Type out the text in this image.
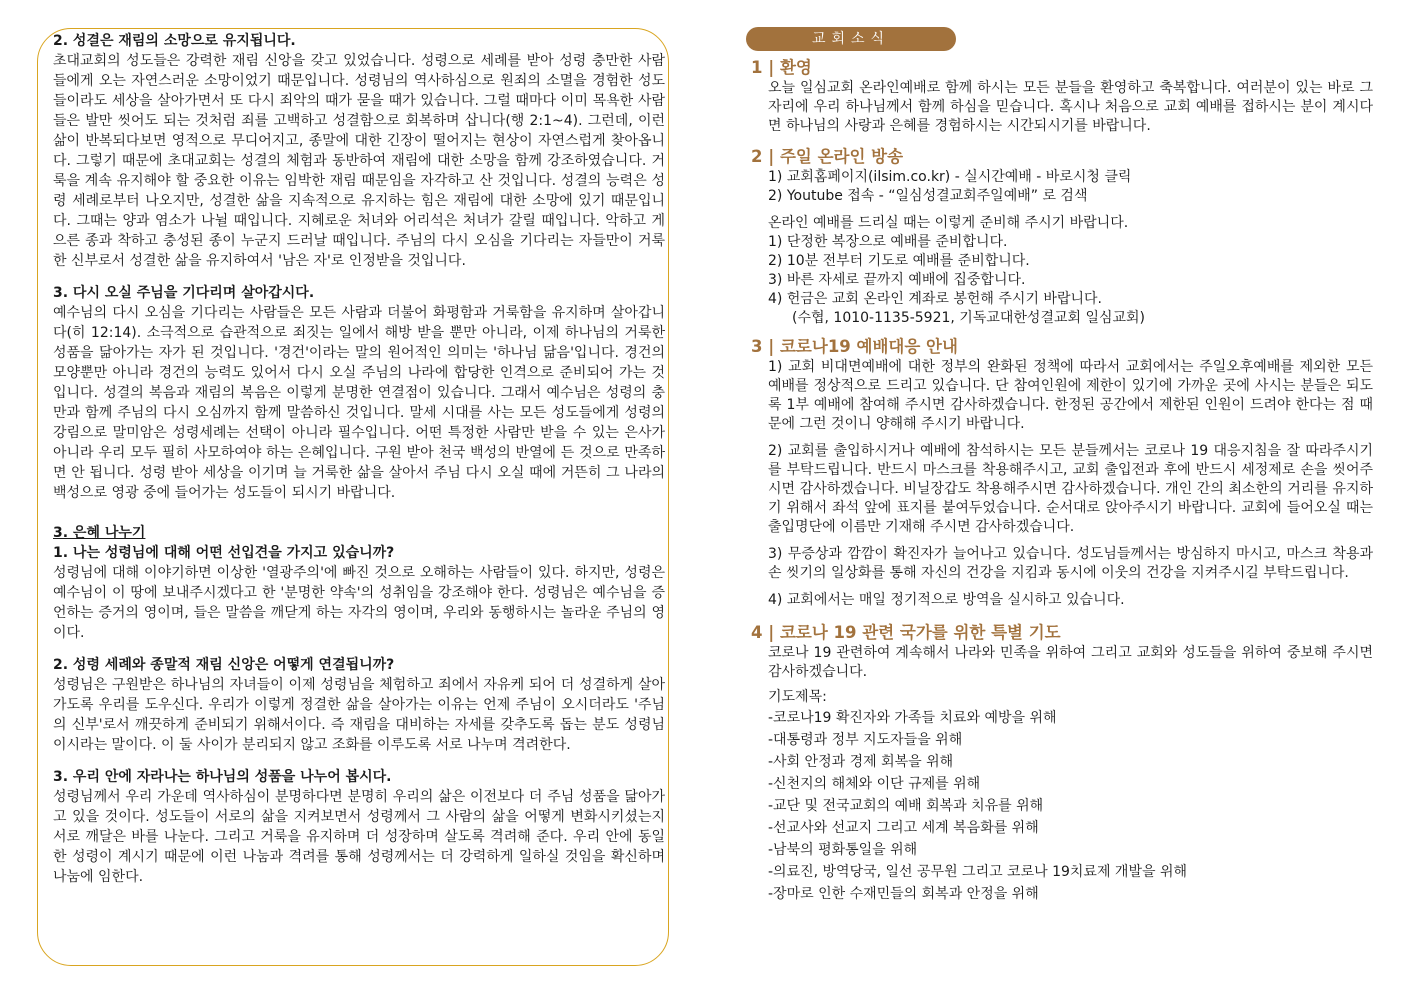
2. 성결은 재림의 소망으로 유지됩니다.

초대교회의 성도들은 강력한 재림 신앙을 갖고 있었습니다. 성령으로 세례를 받아 성령 충만한 사람들에게 오는 자연스러운 소망이었기 때문입니다. 성령님의 역사하심으로 원죄의 소멸을 경험한 성도들이라도 세상을 살아가면서 또 다시 죄악의 때가 묻을 때가 있습니다. 그럴 때마다 이미 목욕한 사람들은 발만 씻어도 되는 것처럼 죄를 고백하고 성결함으로 회복하며 삽니다(행 2:1~4). 그런데, 이런 삶이 반복되다보면 영적으로 무디어지고, 종말에 대한 긴장이 떨어지는 현상이 자연스럽게 찾아옵니다. 그렇기 때문에 초대교회는 성결의 체험과 동반하여 재림에 대한 소망을 함께 강조하였습니다. 거룩을 계속 유지해야 할 중요한 이유는 임박한 재림 때문임을 자각하고 산 것입니다. 성결의 능력은 성령 세례로부터 나오지만, 성결한 삶을 지속적으로 유지하는 힘은 재림에 대한 소망에 있기 때문입니다. 그때는 양과 염소가 나뉠 때입니다. 지혜로운 처녀와 어리석은 처녀가 갈릴 때입니다. 악하고 게으른 종과 착하고 충성된 종이 누군지 드러날 때입니다. 주님의 다시 오심을 기다리는 자들만이 거룩한 신부로서 성결한 삶을 유지하여서 '남은 자'로 인정받을 것입니다.

3. 다시 오실 주님을 기다리며 살아갑시다.

예수님의 다시 오심을 기다리는 사람들은 모든 사람과 더불어 화평함과 거룩함을 유지하며 살아갑니다(히 12:14). 소극적으로 습관적으로 죄짓는 일에서 해방 받을 뿐만 아니라, 이제 하나님의 거룩한 성품을 닮아가는 자가 된 것입니다. '경건'이라는 말의 원어적인 의미는 '하나님 닮음'입니다. 경건의 모양뿐만 아니라 경건의 능력도 있어서 다시 오실 주님의 나라에 합당한 인격으로 준비되어 가는 것입니다. 성결의 복음과 재림의 복음은 이렇게 분명한 연결점이 있습니다. 그래서 예수님은 성령의 충만과 함께 주님의 다시 오심까지 함께 말씀하신 것입니다. 말세 시대를 사는 모든 성도들에게 성령의 강림으로 말미암은 성령세례는 선택이 아니라 필수입니다. 어떤 특정한 사람만 받을 수 있는 은사가 아니라 우리 모두 필히 사모하여야 하는 은혜입니다. 구원 받아 천국 백성의 반열에 든 것으로 만족하면 안 됩니다. 성령 받아 세상을 이기며 늘 거룩한 삶을 살아서 주님 다시 오실 때에 거뜬히 그 나라의 백성으로 영광 중에 들어가는 성도들이 되시기 바랍니다.

3. 은혜 나누기

1. 나는 성령님에 대해 어떤 선입견을 가지고 있습니까?

성령님에 대해 이야기하면 이상한 '열광주의'에 빠진 것으로 오해하는 사람들이 있다. 하지만, 성령은 예수님이 이 땅에 보내주시겠다고 한 '분명한 약속'의 성취임을 강조해야 한다. 성령님은 예수님을 증언하는 증거의 영이며, 들은 말씀을 깨닫게 하는 자각의 영이며, 우리와 동행하시는 놀라운 주님의 영이다.

2. 성령 세례와 종말적 재림 신앙은 어떻게 연결됩니까?

성령님은 구원받은 하나님의 자녀들이 이제 성령님을 체험하고 죄에서 자유케 되어 더 성결하게 살아가도록 우리를 도우신다. 우리가 이렇게 정결한 삶을 살아가는 이유는 언제 주님이 오시더라도 '주님의 신부'로서 깨끗하게 준비되기 위해서이다. 즉 재림을 대비하는 자세를 갖추도록 돕는 분도 성령님이시라는 말이다. 이 둘 사이가 분리되지 않고 조화를 이루도록 서로 나누며 격려한다.

3. 우리 안에 자라나는 하나님의 성품을 나누어 봅시다.

성령님께서 우리 가운데 역사하심이 분명하다면 분명히 우리의 삶은 이전보다 더 주님 성품을 닮아가고 있을 것이다. 성도들이 서로의 삶을 지켜보면서 성령께서 그 사람의 삶을 어떻게 변화시키셨는지 서로 깨달은 바를 나눈다. 그리고 거룩을 유지하며 더 성장하며 살도록 격려해 준다. 우리 안에 동일한 성령이 계시기 때문에 이런 나눔과 격려를 통해 성령께서는 더 강력하게 일하실 것임을 확신하며 나눔에 임한다.

교회소식

1 | 환영

오늘 일심교회 온라인예배로 함께 하시는 모든 분들을 환영하고 축복합니다. 여러분이 있는 바로 그 자리에 우리 하나님께서 함께 하심을 믿습니다. 혹시나 처음으로 교회 예배를 접하시는 분이 계시다면 하나님의 사랑과 은혜를 경험하시는 시간되시기를 바랍니다.

2 | 주일 온라인 방송

1) 교회홈페이지(ilsim.co.kr) - 실시간예배 - 바로시청 클릭

2) Youtube 접속 - “일심성결교회주일예배” 로 검색

온라인 예배를 드리실 때는 이렇게 준비해 주시기 바랍니다.

1) 단정한 복장으로 예배를 준비합니다.

2) 10분 전부터 기도로 예배를 준비합니다.

3) 바른 자세로 끝까지 예배에 집중합니다.

4) 헌금은 교회 온라인 계좌로 봉헌해 주시기 바랍니다.

(수협, 1010-1135-5921, 기독교대한성결교회 일심교회)

3 | 코로나19 예배대응 안내

1) 교회 비대면예배에 대한 정부의 완화된 정책에 따라서 교회에서는 주일오후예배를 제외한 모든 예배를 정상적으로 드리고 있습니다. 단 참여인원에 제한이 있기에 가까운 곳에 사시는 분들은 되도록 1부 예배에 참여해 주시면 감사하겠습니다. 한정된 공간에서 제한된 인원이 드려야 한다는 점 때문에 그런 것이니 양해해 주시기 바랍니다.

2) 교회를 출입하시거나 예배에 참석하시는 모든 분들께서는 코로나 19 대응지침을 잘 따라주시기를 부탁드립니다. 반드시 마스크를 착용해주시고, 교회 출입전과 후에 반드시 세정제로 손을 씻어주시면 감사하겠습니다. 비닐장갑도 착용해주시면 감사하겠습니다. 개인 간의 최소한의 거리를 유지하기 위해서 좌석 앞에 표지를 붙여두었습니다. 순서대로 앉아주시기 바랍니다. 교회에 들어오실 때는 출입명단에 이름만 기재해 주시면 감사하겠습니다.

3) 무증상과 깜깜이 확진자가 늘어나고 있습니다. 성도님들께서는 방심하지 마시고, 마스크 착용과 손 씻기의 일상화를 통해 자신의 건강을 지킴과 동시에 이웃의 건강을 지켜주시길 부탁드립니다.

4) 교회에서는 매일 정기적으로 방역을 실시하고 있습니다.

4 | 코로나 19 관련 국가를 위한 특별 기도

코로나 19 관련하여 계속해서 나라와 민족을 위하여 그리고 교회와 성도들을 위하여 중보해 주시면 감사하겠습니다.

기도제목:

-코로나19 확진자와 가족들 치료와 예방을 위해

-대통령과 정부 지도자들을 위해

-사회 안정과 경제 회복을 위해

-신천지의 해체와 이단 규제를 위해

-교단 및 전국교회의 예배 회복과 치유를 위해

-선교사와 선교지 그리고 세계 복음화를 위해

-남북의 평화통일을 위해

-의료진, 방역당국, 일선 공무원 그리고 코로나 19치료제 개발을 위해

-장마로 인한 수재민들의 회복과 안정을 위해
